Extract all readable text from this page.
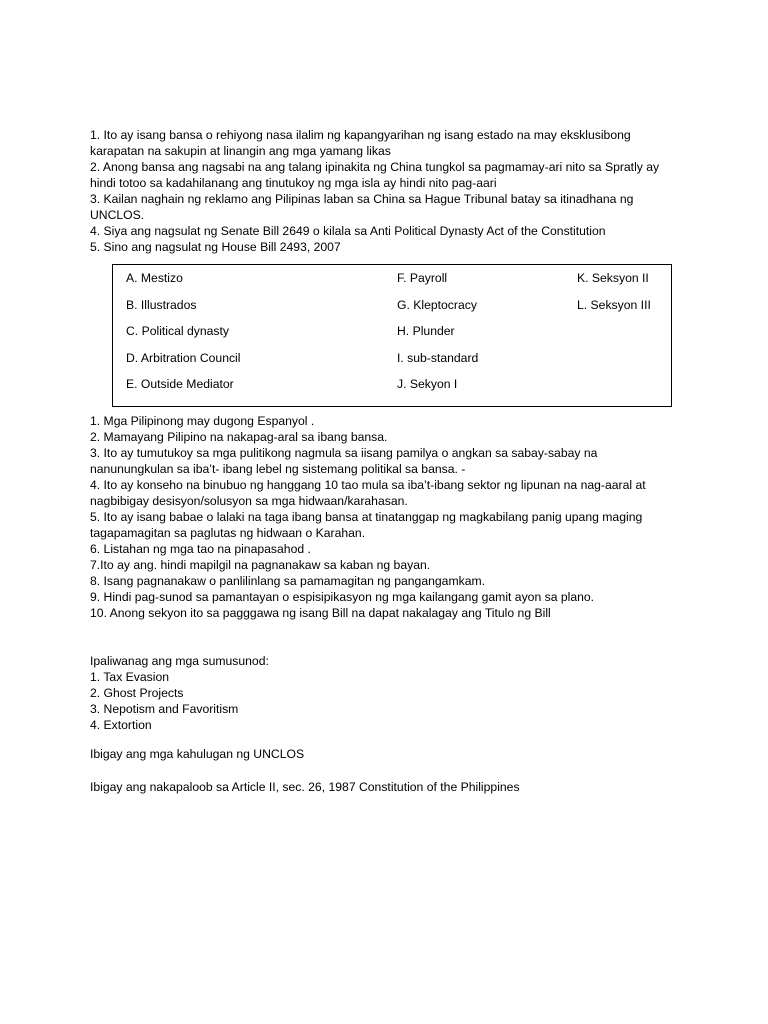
1. Ito ay isang bansa o rehiyong nasa ilalim ng kapangyarihan ng isang estado na may eksklusibong
karapatan na sakupin at linangin ang mga yamang likas
2. Anong bansa ang nagsabi na ang talang ipinakita ng China tungkol sa pagmamay-ari nito sa Spratly ay
hindi totoo sa kadahilanang ang tinutukoy ng mga isla ay hindi nito pag-aari
3. Kailan naghain ng reklamo ang Pilipinas laban sa China sa Hague Tribunal batay sa itinadhana ng
UNCLOS.
4. Siya ang nagsulat ng Senate Bill 2649 o kilala sa Anti Political Dynasty Act of the Constitution
5. Sino ang nagsulat ng House Bill 2493, 2007
A. Mestizo
B. Illustrados
C. Political dynasty
D. Arbitration Council
E. Outside Mediator
F. Payroll
G. Kleptocracy
H. Plunder
I. sub-standard
J. Sekyon I
K. Seksyon II
L. Seksyon III
1. Mga Pilipinong may dugong Espanyol .
2. Mamayang Pilipino na nakapag-aral sa ibang bansa.
3. Ito ay tumutukoy sa mga pulitikong nagmula sa iisang pamilya o angkan sa sabay-sabay na
nanunungkulan sa iba’t- ibang lebel ng sistemang politikal sa bansa. -
4. Ito ay konseho na binubuo ng hanggang 10 tao mula sa iba’t-ibang sektor ng lipunan na nag-aaral at
nagbibigay desisyon/solusyon sa mga hidwaan/karahasan.
5. Ito ay isang babae o lalaki na taga ibang bansa at tinatanggap ng magkabilang panig upang maging
tagapamagitan sa paglutas ng hidwaan o Karahan.
6. Listahan ng mga tao na pinapasahod .
7.Ito ay ang. hindi mapilgil na pagnanakaw sa kaban ng bayan.
8. Isang pagnanakaw o panlilinlang sa pamamagitan ng pangangamkam.
9. Hindi pag-sunod sa pamantayan o espisipikasyon ng mga kailangang gamit ayon sa plano.
10. Anong sekyon ito sa pagggawa ng isang Bill na dapat nakalagay ang Titulo ng Bill
Ipaliwanag ang mga sumusunod:
1. Tax Evasion
2. Ghost Projects
3. Nepotism and Favoritism
4. Extortion
Ibigay ang mga kahulugan ng UNCLOS
Ibigay ang nakapaloob sa Article II, sec. 26, 1987 Constitution of the Philippines
